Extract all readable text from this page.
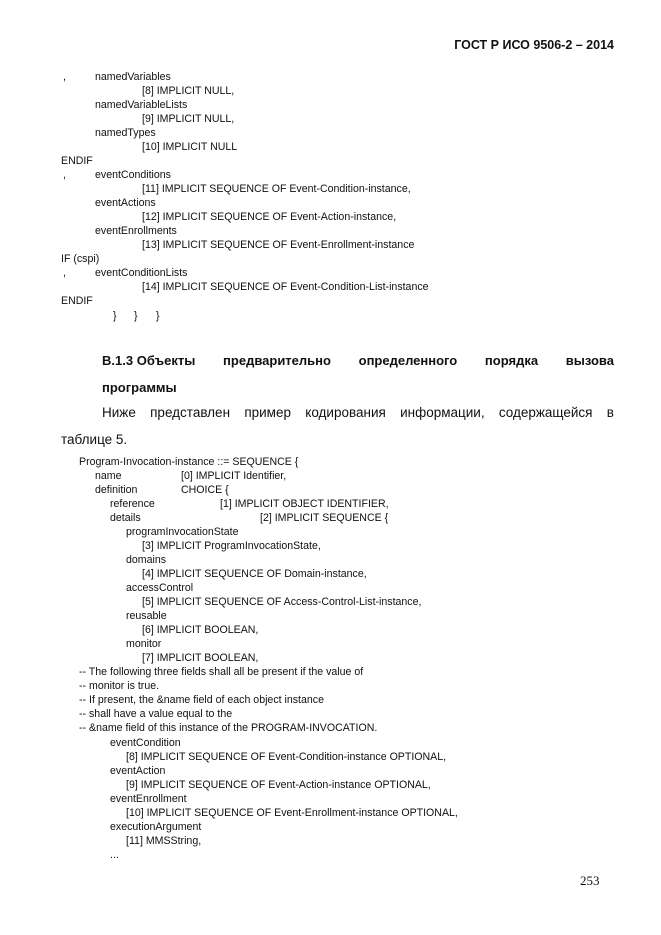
ГОСТ Р ИСО 9506-2 – 2014
,	namedVariables
[8] IMPLICIT NULL,
namedVariableLists
[9] IMPLICIT NULL,
namedTypes
[10] IMPLICIT NULL
ENDIF
,	eventConditions
[11] IMPLICIT SEQUENCE OF Event-Condition-instance,
eventActions
[12] IMPLICIT SEQUENCE OF Event-Action-instance,
eventEnrollments
[13] IMPLICIT SEQUENCE OF Event-Enrollment-instance
IF (cspi)
,	eventConditionLists
[14] IMPLICIT SEQUENCE OF Event-Condition-List-instance
ENDIF
} } }
В.1.3 Объекты предварительно определенного порядка вызова
программы
Ниже представлен пример кодирования информации, содержащейся в
таблице 5.
Program-Invocation-instance ::= SEQUENCE {
name	[0] IMPLICIT Identifier,
definition	CHOICE {
reference	[1] IMPLICIT OBJECT IDENTIFIER,
details	[2] IMPLICIT SEQUENCE {
programInvocationState
[3] IMPLICIT ProgramInvocationState,
domains
[4] IMPLICIT SEQUENCE OF Domain-instance,
accessControl
[5] IMPLICIT SEQUENCE OF Access-Control-List-instance,
reusable
[6] IMPLICIT BOOLEAN,
monitor
[7] IMPLICIT BOOLEAN,
-- The following three fields shall all be present if the value of
-- monitor is true.
-- If present, the &name field of each object instance
-- shall have a value equal to the
-- &name field of this instance of the PROGRAM-INVOCATION.
eventCondition
[8] IMPLICIT SEQUENCE OF Event-Condition-instance OPTIONAL,
eventAction
[9] IMPLICIT SEQUENCE OF Event-Action-instance OPTIONAL,
eventEnrollment
[10] IMPLICIT SEQUENCE OF Event-Enrollment-instance OPTIONAL,
executionArgument
[11] MMSString,
...
253
